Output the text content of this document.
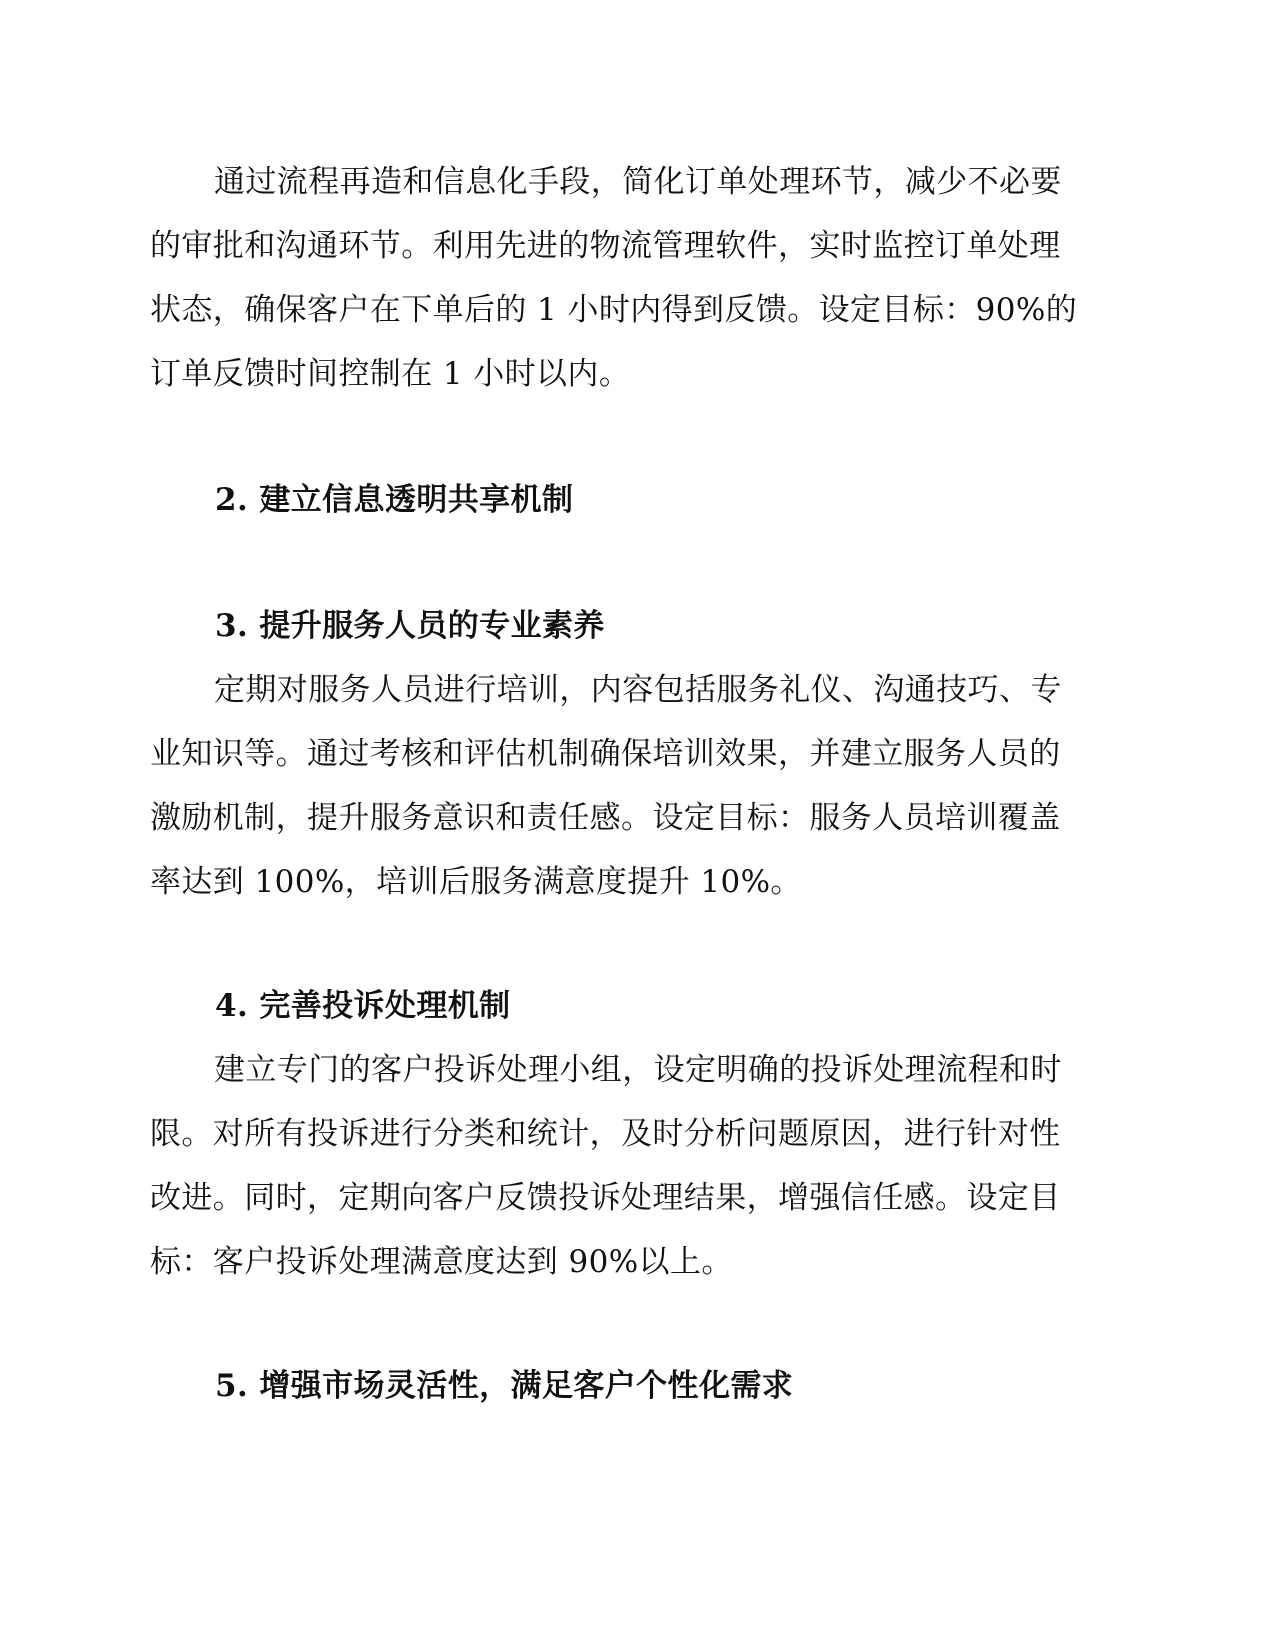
通过流程再造和信息化手段，简化订单处理环节，减少不必要
的审批和沟通环节。利用先进的物流管理软件，实时监控订单处理
状态，确保客户在下单后的 1 小时内得到反馈。设定目标：90%的
订单反馈时间控制在 1 小时以内。
2. 建立信息透明共享机制
3. 提升服务人员的专业素养
定期对服务人员进行培训，内容包括服务礼仪、沟通技巧、专
业知识等。通过考核和评估机制确保培训效果，并建立服务人员的
激励机制，提升服务意识和责任感。设定目标：服务人员培训覆盖
率达到 100%，培训后服务满意度提升 10%。
4. 完善投诉处理机制
建立专门的客户投诉处理小组，设定明确的投诉处理流程和时
限。对所有投诉进行分类和统计，及时分析问题原因，进行针对性
改进。同时，定期向客户反馈投诉处理结果，增强信任感。设定目
标：客户投诉处理满意度达到 90%以上。
5. 增强市场灵活性，满足客户个性化需求
